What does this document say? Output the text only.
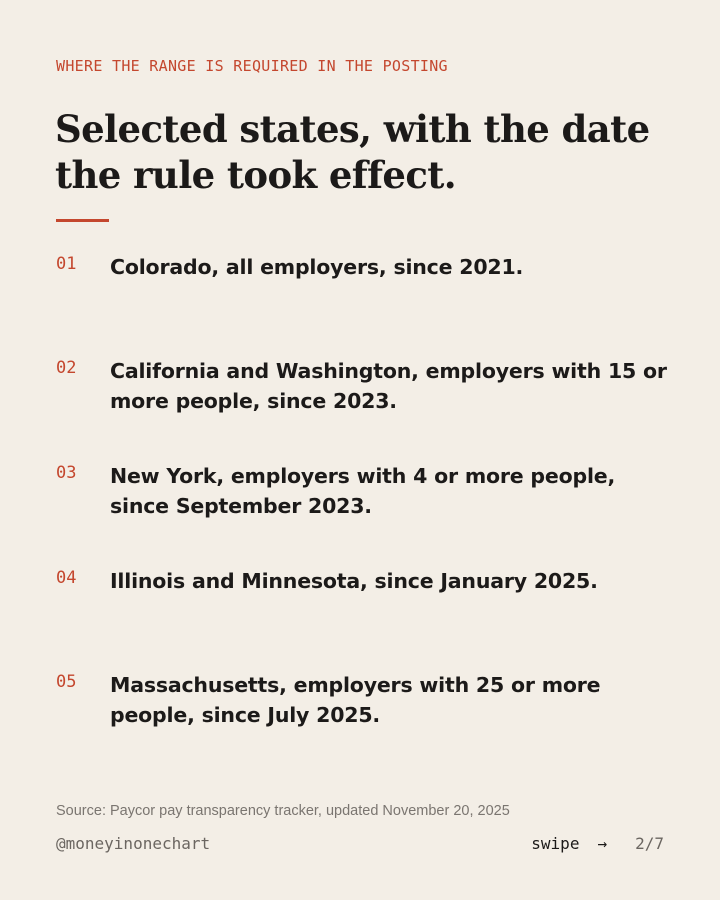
WHERE THE RANGE IS REQUIRED IN THE POSTING
Selected states, with the date the rule took effect.
01 Colorado, all employers, since 2021.
02 California and Washington, employers with 15 or more people, since 2023.
03 New York, employers with 4 or more people, since September 2023.
04 Illinois and Minnesota, since January 2025.
05 Massachusetts, employers with 25 or more people, since July 2025.
Source: Paycor pay transparency tracker, updated November 20, 2025
@moneyinonechart	swipe → 2/7
